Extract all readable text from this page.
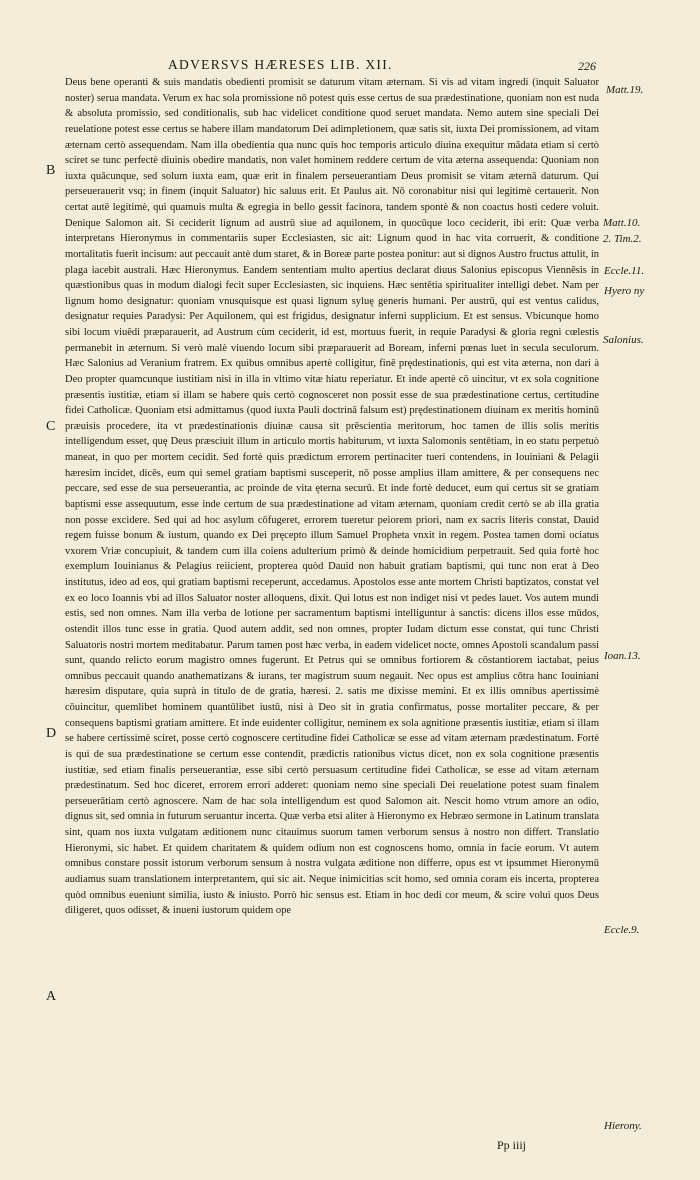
ADVERSVS HÆRESES LIB. XII.	226

Deus bene operanti & suis mandatis obedienti promisit se daturum vitam æternam. Si vis ad vitam ingredi (inquit Saluator noster) serua mandata. Verum ex hac sola promissione nō potest quis esse certus de sua prædestinatione, quoniam non est nuda & absoluta promissio, sed conditionalis, sub hac videlicet conditione quod seruet mandata. Nemo autem sine speciali Dei reuelatione potest esse certus se habere illam mandatorum Dei adimpletionem, quæ satis sit, iuxta Dei promissionem, ad vitam æternam certò assequendam. Nam illa obedientia qua nunc quis hoc temporis articulo diuina exequitur mādata etiam si certò sciret se tunc perfectè diuinis obedire mandatis, non valet hominem reddere certum de vita æterna assequenda: Quoniam non iuxta quācunque, sed solum iuxta eam, quæ erit in finalem perseuerantiam Deus promisit se vitam æternā daturum. Qui perseuerauerit vsq; in finem (inquit Saluator) hic saluus erit. Et Paulus ait. Nō coronabitur nisi qui legitimè certauerit. Non certat autē legitimè, qui quamuis multa & egregia in bello gessit facinora, tandem spontè & non coactus hosti cedere voluit. Denique Salomon ait. Si ceciderit lignum ad austrū siue ad aquilonem, in quocūque loco ceciderit, ibi erit: Quæ verba interpretans Hieronymus in commentariis super Ecclesiasten, sic ait: Lignum quod in hac vita corruerit, & conditione mortalitatis fuerit incisum: aut peccauit antè dum staret, & in Boreæ parte postea ponitur: aut si dignos Austro fructus attulit, in plaga iacebit australi. Hæc Hieronymus. Eandem sententiam multo apertius declarat diuus Salonius episcopus Viennēsis in quæstionibus quas in modum dialogi fecit super Ecclesiasten, sic inquiens. Hæc sentētia spiritualiter intelligi debet. Nam per lignum homo designatur: quoniam vnusquisque est quasi lignum syluę generis humani. Per austrū, qui est ventus calidus, designatur requies Paradysi: Per Aquilonem, qui est frigidus, designatur inferni supplicium. Et est sensus. Vbicunque homo sibi locum viuēdi præparauerit, ad Austrum cùm ceciderit, id est, mortuus fuerit, in requie Paradysi & gloria regni cœlestis permanebit in æternum. Si verò malè viuendo locum sibi præparauerit ad Boream, inferni pœnas luet in secula seculorum. Hæc Salonius ad Veranium fratrem. Ex quibus omnibus apertè colligitur, finē prędestinationis, qui est vita æterna, non dari à Deo propter quamcunque iustitiam nisi in illa in vltimo vitæ hiatu reperiatur. Et inde apertè cō uincitur, vt ex sola cognitione præsentis iustitiæ, etiam si illam se habere quis certò cognosceret non possit esse de sua prædestinatione certus, certitudine fidei Catholicæ. Quoniam etsi admittamus (quod iuxta Pauli doctrinā falsum est) prędestinationem diuinam ex meritis hominū præuisis procedere, ita vt prædestinationis diuinæ causa sit prēscientia meritorum, hoc tamen de illis solis meritis intelligendum esset, quę Deus præsciuit illum in articulo mortis habiturum, vt iuxta Salomonis sentētiam, in eo statu perpetuò maneat, in quo per mortem cecidit. Sed fortè quis prædictum errorem pertinaciter tueri contendens, in Iouiniani & Pelagii hæresim incidet, dicēs, eum qui semel gratiam baptismi susceperit, nō posse amplius illam amittere, & per consequens nec peccare, sed esse de sua perseuerantia, ac proinde de vita ęterna securū. Et inde fortè deducet, eum qui certus sit se gratiam baptismi esse assequutum, esse inde certum de sua prædestinatione ad vitam æternam, quoniam credit certò se ab illa gratia non posse excidere. Sed qui ad hoc asylum cōfugeret, errorem tueretur peiorem priori, nam ex sacris literis constat, Dauid regem fuisse bonum & iustum, quando ex Dei pręcepto illum Samuel Propheta vnxit in regem. Postea tamen domi ociatus vxorem Vriæ concupiuit, & tandem cum illa coiens adulterium primò & deinde homicidium perpetrauit. Sed quia fortè hoc exemplum Iouinianus & Pelagius reiicient, propterea quòd Dauid non habuit gratiam baptismi, qui tunc non erat à Deo institutus, ideo ad eos, qui gratiam baptismi receperunt, accedamus. Apostolos esse ante mortem Christi baptizatos, constat vel ex eo loco Ioannis vbi ad illos Saluator noster alloquens, dixit. Qui lotus est non indiget nisi vt pedes lauet. Vos autem mundi estis, sed non omnes. Nam illa verba de lotione per sacramentum baptismi intelliguntur à sanctis: dicens illos esse mūdos, ostendit illos tunc esse in gratia. Quod autem addit, sed non omnes, propter Iudam dictum esse constat, qui tunc Christi Saluatoris nostri mortem meditabatur. Parum tamen post hæc verba, in eadem videlicet nocte, omnes Apostoli scandalum passi sunt, quando relicto eorum magistro omnes fugerunt. Et Petrus qui se omnibus fortiorem & cōstantiorem iactabat, peius omnibus peccauit quando anathematizans & iurans, ter magistrum suum negauit. Nec opus est amplius cōtra hanc Iouiniani hæresim disputare, quia suprà in titulo de de gratia, hæresi. 2. satis me dixisse memini. Et ex illis omnibus apertissimè cōuincitur, quemlibet hominem quantūlibet iustū, nisi à Deo sit in gratia confirmatus, posse mortaliter peccare, & per consequens baptismi gratiam amittere. Et inde euidenter colligitur, neminem ex sola agnitione præsentis iustitiæ, etiam si illam se habere certissimè sciret, posse certò cognoscere certitudine fidei Catholicæ se esse ad vitam æternam prædestinatum. Fortè is qui de sua prædestinatione se certum esse contendit, prædictis rationibus victus dicet, non ex sola cognitione præsentis iustitiæ, sed etiam finalis perseuerantiæ, esse sibi certò persuasum certitudine fidei Catholicæ, se esse ad vitam æternam prædestinatum. Sed hoc diceret, errorem errori adderet: quoniam nemo sine speciali Dei reuelatione potest suam finalem perseuerātiam certò agnoscere. Nam de hac sola intelligendum est quod Salomon ait. Nescit homo vtrum amore an odio, dignus sit, sed omnia in futurum seruantur incerta. Quæ verba etsi aliter à Hieronymo ex Hebræo sermone in Latinum translata sint, quam nos iuxta vulgatam æditionem nunc citauimus suorum tamen verborum sensus à nostro non differt. Translatio Hieronymi, sic habet. Et quidem charitatem & quidem odium non est cognoscens homo, omnia in facie eorum. Vt autem omnibus constare possit istorum verborum sensum à nostra vulgata æditione non differre, opus est vt ipsummet Hieronymū audiamus suam translationem interpretantem, qui sic ait. Neque inimicitias scit homo, sed omnia coram eis incerta, propterea quòd omnibus eueniunt similia, iusto & iniusto. Porrò hic sensus est. Etiam in hoc dedi cor meum, & scire volui quos Deus diligeret, quos odisset, & inueni iustorum quidem ope

Matt.19.
Matt.10.
2. Tim.2.
Eccle.11.
Hyero ny
Salonius.
Ioan.13.
Eccle.9.
Hierony.
B
C
D
A
Pp iiij
